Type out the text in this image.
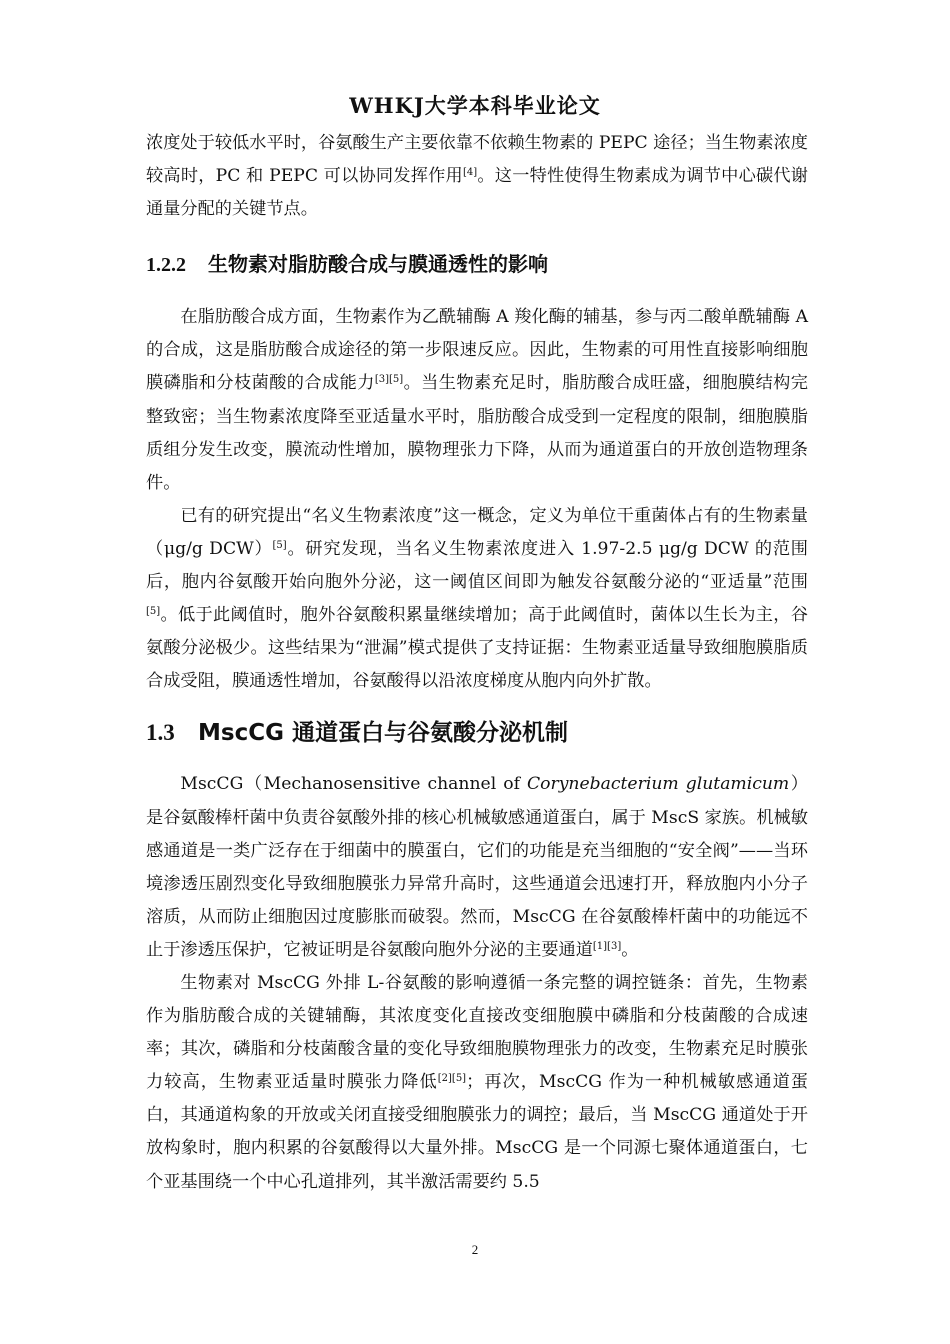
WHKJ大学本科毕业论文

浓度处于较低水平时，谷氨酸生产主要依靠不依赖生物素的 PEPC 途径；当生物素浓度较高时，PC 和 PEPC 可以协同发挥作用[4]。这一特性使得生物素成为调节中心碳代谢通量分配的关键节点。

1.2.2 生物素对脂肪酸合成与膜通透性的影响

在脂肪酸合成方面，生物素作为乙酰辅酶 A 羧化酶的辅基，参与丙二酸单酰辅酶 A 的合成，这是脂肪酸合成途径的第一步限速反应。因此，生物素的可用性直接影响细胞膜磷脂和分枝菌酸的合成能力[3][5]。当生物素充足时，脂肪酸合成旺盛，细胞膜结构完整致密；当生物素浓度降至亚适量水平时，脂肪酸合成受到一定程度的限制，细胞膜脂质组分发生改变，膜流动性增加，膜物理张力下降，从而为通道蛋白的开放创造物理条件。

已有的研究提出“名义生物素浓度”这一概念，定义为单位干重菌体占有的生物素量（μg/g DCW）[5]。研究发现，当名义生物素浓度进入 1.97-2.5 μg/g DCW 的范围后，胞内谷氨酸开始向胞外分泌，这一阈值区间即为触发谷氨酸分泌的“亚适量”范围[5]。低于此阈值时，胞外谷氨酸积累量继续增加；高于此阈值时，菌体以生长为主，谷氨酸分泌极少。这些结果为“泄漏”模式提供了支持证据：生物素亚适量导致细胞膜脂质合成受阻，膜通透性增加，谷氨酸得以沿浓度梯度从胞内向外扩散。

1.3 MscCG 通道蛋白与谷氨酸分泌机制

MscCG（Mechanosensitive channel of Corynebacterium glutamicum）是谷氨酸棒杆菌中负责谷氨酸外排的核心机械敏感通道蛋白，属于 MscS 家族。机械敏感通道是一类广泛存在于细菌中的膜蛋白，它们的功能是充当细胞的“安全阀”——当环境渗透压剧烈变化导致细胞膜张力异常升高时，这些通道会迅速打开，释放胞内小分子溶质，从而防止细胞因过度膨胀而破裂。然而，MscCG 在谷氨酸棒杆菌中的功能远不止于渗透压保护，它被证明是谷氨酸向胞外分泌的主要通道[1][3]。

生物素对 MscCG 外排 L-谷氨酸的影响遵循一条完整的调控链条：首先，生物素作为脂肪酸合成的关键辅酶，其浓度变化直接改变细胞膜中磷脂和分枝菌酸的合成速率；其次，磷脂和分枝菌酸含量的变化导致细胞膜物理张力的改变，生物素充足时膜张力较高，生物素亚适量时膜张力降低[2][5]；再次，MscCG 作为一种机械敏感通道蛋白，其通道构象的开放或关闭直接受细胞膜张力的调控；最后，当 MscCG 通道处于开放构象时，胞内积累的谷氨酸得以大量外排。MscCG 是一个同源七聚体通道蛋白，七个亚基围绕一个中心孔道排列，其半激活需要约 5.5

2
